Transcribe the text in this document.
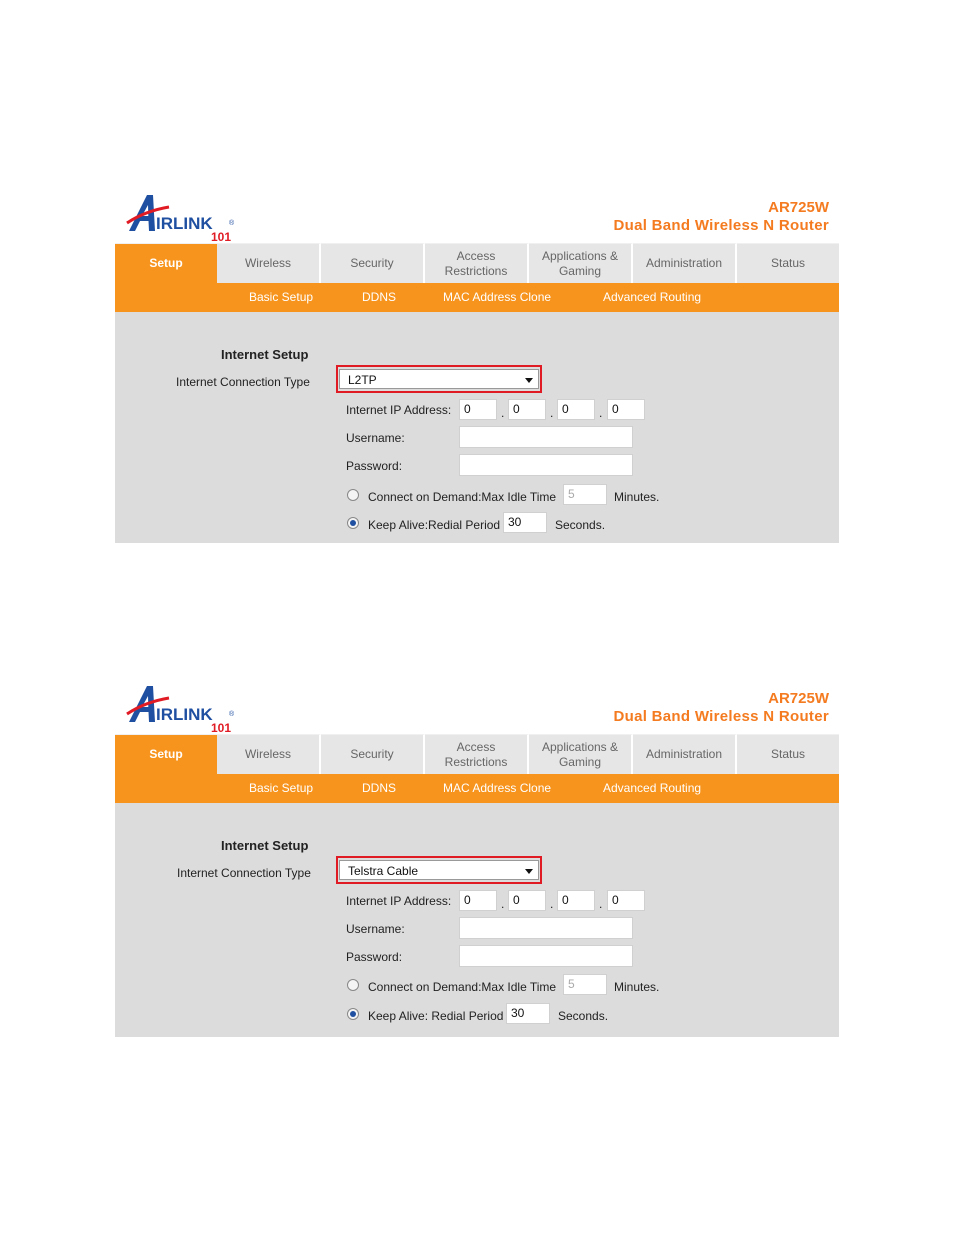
IRLINK
101
®
AR725W
Dual Band Wireless N Router
Setup	Wireless	Security
Access
Restrictions
Applications &
Gaming
Administration	Status
Basic Setup	DDNS	MAC Address Clone	Advanced Routing
Internet Setup
Internet Connection Type	L2TP
Internet IP Address:	0	. 0	. 0	. 0
Username:
Password:
Connect on Demand:Max Idle Time 5	Minutes.
Keep Alive:Redial Period 30	Seconds.
IRLINK
101
®
AR725W
Dual Band Wireless N Router
Setup	Wireless	Security
Access
Restrictions
Applications &
Gaming
Administration	Status
Basic Setup	DDNS	MAC Address Clone	Advanced Routing
Internet Setup
Internet Connection Type	Telstra Cable
Internet IP Address:	0	. 0	. 0	. 0
Username:
Password:
Connect on Demand:Max Idle Time 5	Minutes.
Keep Alive: Redial Period 30	Seconds.
